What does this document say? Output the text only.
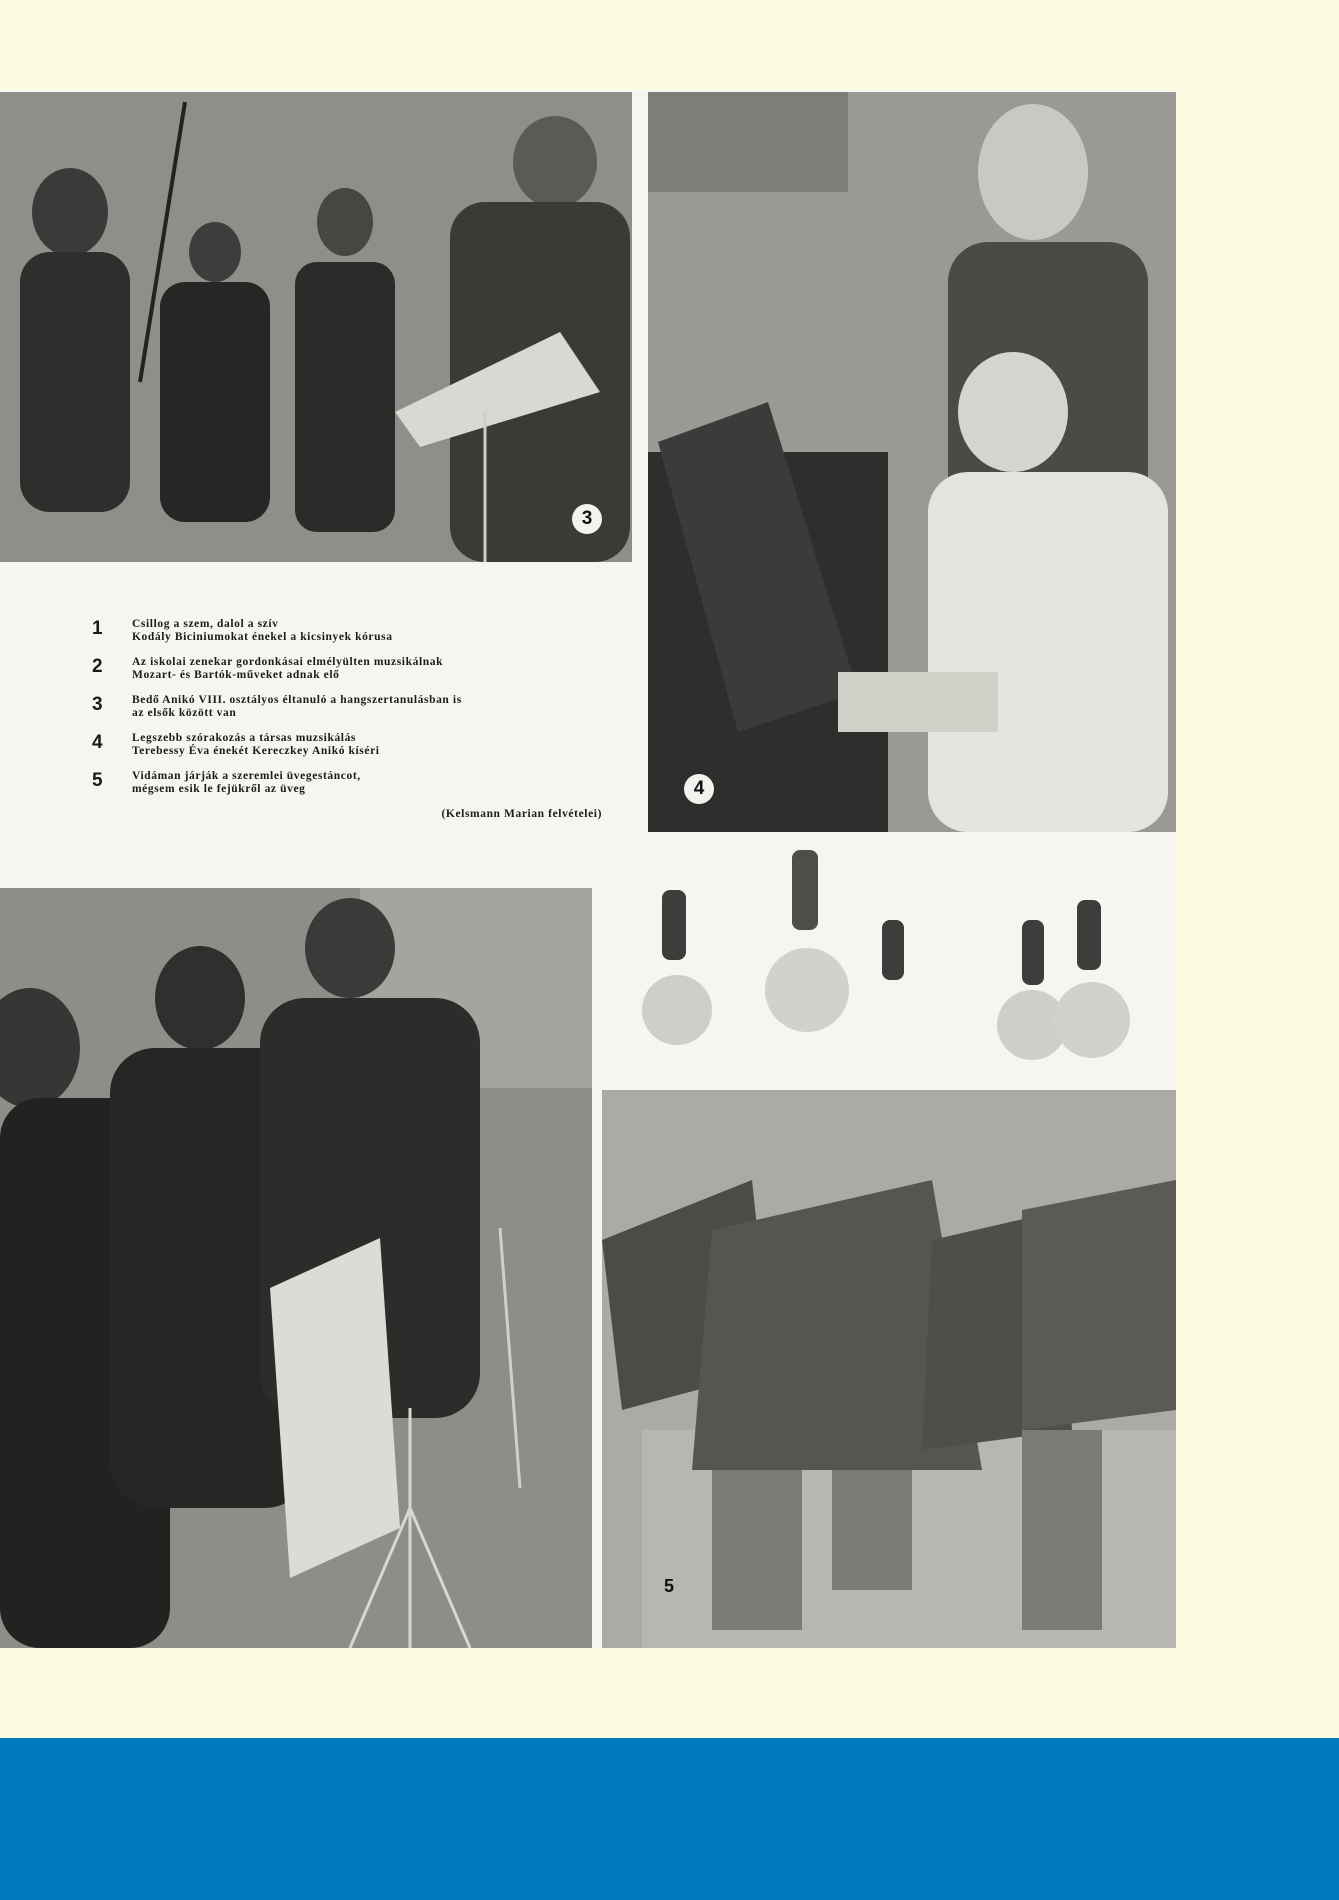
3
4
5
1	Csillog a szem, dalol a szív
Kodály Biciniumokat énekel a kicsinyek kórusa
2	Az iskolai zenekar gordonkásai elmélyülten muzsikálnak
Mozart- és Bartók-műveket adnak elő
3	Bedő Anikó VIII. osztályos éltanuló a hangszertanulásban is
az elsők között van
4	Legszebb szórakozás a társas muzsikálás
Terebessy Éva énekét Kereczkey Anikó kíséri
5	Vidáman járják a szeremlei üvegestáncot,
mégsem esik le fejükről az üveg
(Kelsmann Marian felvételei)
